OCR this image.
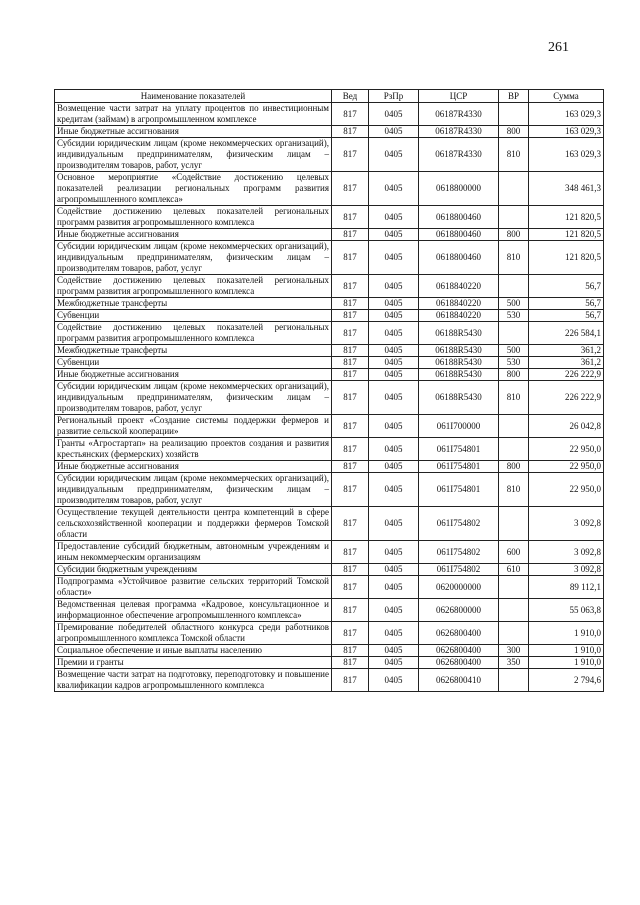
261
Наименование показателей	Вед	РзПр	ЦСР	ВР	Сумма
Возмещение части затрат на уплату процентов по инвестиционным кредитам (займам) в агропромышленном комплексе	817	0405	06187R4330		163 029,3
Иные бюджетные ассигнования	817	0405	06187R4330	800	163 029,3
Субсидии юридическим лицам (кроме некоммерческих организаций), индивидуальным предпринимателям, физическим лицам – производителям товаров, работ, услуг	817	0405	06187R4330	810	163 029,3
Основное мероприятие «Содействие достижению целевых показателей реализации региональных программ развития агропромышленного комплекса»	817	0405	0618800000		348 461,3
Содействие достижению целевых показателей региональных программ развития агропромышленного комплекса	817	0405	0618800460		121 820,5
Иные бюджетные ассигнования	817	0405	0618800460	800	121 820,5
Субсидии юридическим лицам (кроме некоммерческих организаций), индивидуальным предпринимателям, физическим лицам – производителям товаров, работ, услуг	817	0405	0618800460	810	121 820,5
Содействие достижению целевых показателей региональных программ развития агропромышленного комплекса	817	0405	0618840220		56,7
Межбюджетные трансферты	817	0405	0618840220	500	56,7
Субвенции	817	0405	0618840220	530	56,7
Содействие достижению целевых показателей региональных программ развития агропромышленного комплекса	817	0405	06188R5430		226 584,1
Межбюджетные трансферты	817	0405	06188R5430	500	361,2
Субвенции	817	0405	06188R5430	530	361,2
Иные бюджетные ассигнования	817	0405	06188R5430	800	226 222,9
Субсидии юридическим лицам (кроме некоммерческих организаций), индивидуальным предпринимателям, физическим лицам – производителям товаров, работ, услуг	817	0405	06188R5430	810	226 222,9
Региональный проект «Создание системы поддержки фермеров и развитие сельской кооперации»	817	0405	061I700000		26 042,8
Гранты «Агростартап» на реализацию проектов создания и развития крестьянских (фермерских) хозяйств	817	0405	061I754801		22 950,0
Иные бюджетные ассигнования	817	0405	061I754801	800	22 950,0
Субсидии юридическим лицам (кроме некоммерческих организаций), индивидуальным предпринимателям, физическим лицам – производителям товаров, работ, услуг	817	0405	061I754801	810	22 950,0
Осуществление текущей деятельности центра компетенций в сфере сельскохозяйственной кооперации и поддержки фермеров Томской области	817	0405	061I754802		3 092,8
Предоставление субсидий бюджетным, автономным учреждениям и иным некоммерческим организациям	817	0405	061I754802	600	3 092,8
Субсидии бюджетным учреждениям	817	0405	061I754802	610	3 092,8
Подпрограмма «Устойчивое развитие сельских территорий Томской области»	817	0405	0620000000		89 112,1
Ведомственная целевая программа «Кадровое, консультационное и информационное обеспечение агропромышленного комплекса»	817	0405	0626800000		55 063,8
Премирование победителей областного конкурса среди работников агропромышленного комплекса Томской области	817	0405	0626800400		1 910,0
Социальное обеспечение и иные выплаты населению	817	0405	0626800400	300	1 910,0
Премии и гранты	817	0405	0626800400	350	1 910,0
Возмещение части затрат на подготовку, переподготовку и повышение квалификации кадров агропромышленного комплекса	817	0405	0626800410		2 794,6
